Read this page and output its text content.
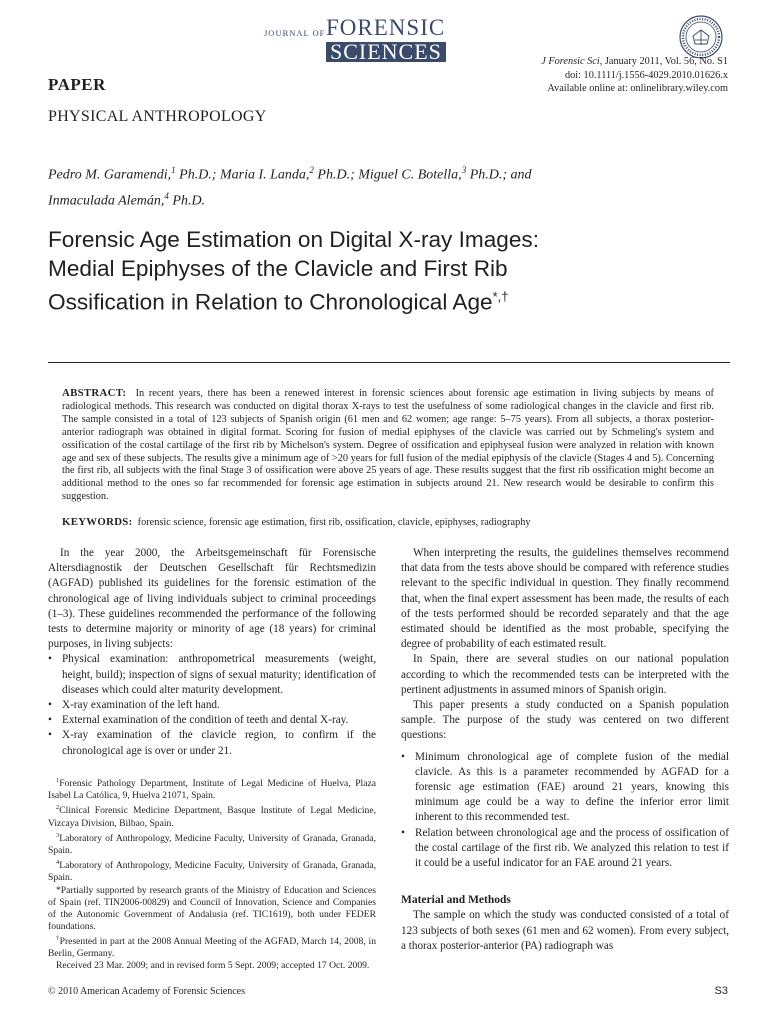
JOURNAL OF FORENSIC
SCIENCES	J Forensic Sci, January 2011, Vol. 56, No. S1
doi: 10.1111/j.1556-4029.2010.01626.x
Available online at: onlinelibrary.wiley.com
PAPER
PHYSICAL ANTHROPOLOGY
Pedro M. Garamendi,$^1$ Ph.D.; Maria I. Landa,$^2$ Ph.D.; Miguel C. Botella,$^3$ Ph.D.; and
Inmaculada Alemán,$^4$ Ph.D.
Forensic Age Estimation on Digital X-ray Images: Medial Epiphyses of the Clavicle and First Rib Ossification in Relation to Chronological Age*,†
ABSTRACT: In recent years, there has been a renewed interest in forensic sciences about forensic age estimation in living subjects by means of radiological methods. This research was conducted on digital thorax X-rays to test the usefulness of some radiological changes in the clavicle and first rib. The sample consisted in a total of 123 subjects of Spanish origin (61 men and 62 women; age range: 5–75 years). From all subjects, a thorax posterior-anterior radiograph was obtained in digital format. Scoring for fusion of medial epiphyses of the clavicle was carried out by Schmeling's system and ossification of the costal cartilage of the first rib by Michelson's system. Degree of ossification and epiphyseal fusion were analyzed in relation with known age and sex of these subjects. The results give a minimum age of >20 years for full fusion of the medial epiphysis of the clavicle (Stages 4 and 5). Concerning the first rib, all subjects with the final Stage 3 of ossification were above 25 years of age. These results suggest that the first rib ossification might become an additional method to the ones so far recommended for forensic age estimation in subjects around 21. New research would be desirable to confirm this suggestion.
KEYWORDS: forensic science, forensic age estimation, first rib, ossification, clavicle, epiphyses, radiography

In the year 2000, the Arbeitsgemeinschaft für Forensische Altersdiagnostik der Deutschen Gesellschaft für Rechtsmedizin (AGFAD) published its guidelines for the forensic estimation of the chronological age of living individuals subject to criminal proceedings (1–3). These guidelines recommended the performance of the following tests to determine majority or minority of age (18 years) for criminal purposes, in living subjects:

• Physical examination: anthropometrical measurements (weight, height, build); inspection of signs of sexual maturity; identification of diseases which could alter maturity development.
• X-ray examination of the left hand.
• External examination of the condition of teeth and dental X-ray.
• X-ray examination of the clavicle region, to confirm if the chronological age is over or under 21.

$^1$Forensic Pathology Department, Institute of Legal Medicine of Huelva, Plaza Isabel La Católica, 9, Huelva 21071, Spain.

$^2$Clinical Forensic Medicine Department, Basque Institute of Legal Medicine, Vizcaya Division, Bilbao, Spain.

$^3$Laboratory of Anthropology, Medicine Faculty, University of Granada, Granada, Spain.

$^4$Laboratory of Anthropology, Medicine Faculty, University of Granada, Granada, Spain.

*Partially supported by research grants of the Ministry of Education and Sciences of Spain (ref. TIN2006-00829) and Council of Innovation, Science and Companies of the Autonomic Government of Andalusia (ref. TIC1619), both under FEDER foundations.

†Presented in part at the 2008 Annual Meeting of the AGFAD, March 14, 2008, in Berlin, Germany.

Received 23 Mar. 2009; and in revised form 5 Sept. 2009; accepted 17 Oct. 2009.

When interpreting the results, the guidelines themselves recommend that data from the tests above should be compared with reference studies relevant to the specific individual in question. They finally recommend that, when the final expert assessment has been made, the results of each of the tests performed should be recorded separately and that the age estimated should be identified as the most probable, specifying the degree of probability of each estimated result.

In Spain, there are several studies on our national population according to which the recommended tests can be interpreted with the pertinent adjustments in assumed minors of Spanish origin.

This paper presents a study conducted on a Spanish population sample. The purpose of the study was centered on two different questions:

• Minimum chronological age of complete fusion of the medial clavicle. As this is a parameter recommended by AGFAD for a forensic age estimation (FAE) around 21 years, knowing this minimum age could be a way to define the inferior error limit inherent to this recommended test.
• Relation between chronological age and the process of ossification of the costal cartilage of the first rib. We analyzed this relation to test if it could be a useful indicator for an FAE around 21 years.

Material and Methods

The sample on which the study was conducted consisted of a total of 123 subjects of both sexes (61 men and 62 women). From every subject, a thorax posterior-anterior (PA) radiograph was

© 2010 American Academy of Forensic Sciences	S3
